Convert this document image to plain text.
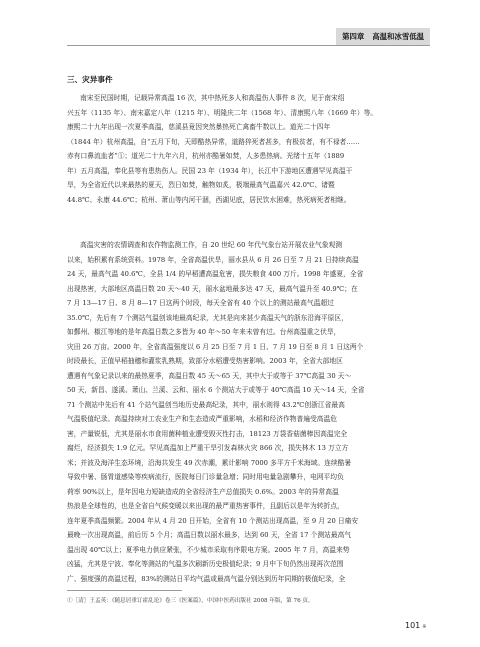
第四章 高温和冰雪低温
三、灾异事件
南宋至民国时期，记载异常高温 16 次，其中热死多人和高温伤人事件 8 次，见于南宋绍
兴五年（1135 年）、南宋嘉定八年（1215 年）、明隆庆二年（1568 年）、清康熙八年（1669 年）等。
康熙二十九年出现一次夏季高温，慈溪县竟因突然暴热死亡禽畜牛数以上。道光二十四年
（1844 年）杭州高温，自“五月下旬，天即酷热异常，道路猝死者甚多，有极贫者，有不禄者……
赤有口鼻流血者”①；道光二十九年六月，杭州亦酷暑如焚，人多患热病。光绪十五年（1889
年）五月高温，奉化县等有患热伤人。民国 23 年（1934 年），长江中下游地区遭遇罕见高温干
旱，为全省近代以来最热的夏天，烈日如焚，触物如炙，极端最高气温嘉兴 42.0℃、诸暨
44.8℃、永康 44.6℃；杭州、萧山等内河干涸，西湖见底，居民饮水困难，热死病死者相继。
高温灾害的农情调查和农作物监测工作，自 20 世纪 60 年代气象台站开展农业气象观测
以来，始积累有系统资料。1978 年，全省高温伏旱，丽水县从 6 月 26 日至 7 月 21 日持续高温
24 天，最高气温 40.6℃，全县 1/4 的早稻遭高温危害，损失粮食 400 万斤。1998 年盛夏，全省
出现热害，大部地区高温日数 20 天～40 天，丽水盆地最多达 47 天，最高气温升至 40.9℃；在
7 月 13—17 日、8 月 8—17 日这两个时段，每天全省有 40 个以上的测站最高气温超过
35.0℃，先后有 7 个测站气温创该地最高纪录，尤其是向来甚少高温天气的浙东沿海平原区，
如鄞州、椒江等地的是年高温日数之多皆为 40 年～50 年来未曾有过。台州高温重之伏旱，
灾田 26 万亩。2000 年，全省高温强度以 6 月 25 日至 7 月 1 日、7 月 19 日至 8 月 1 日这两个
时段最长，正值早稻抽穗和灌浆乳熟期，致部分水稻遭受热害影响。2003 年，全省大部地区
遭遇有气象记录以来的最热夏季，高温日数 45 天～65 天，其中大于或等于 37℃高温 30 天～
50 天，新昌、遂溪、萧山、兰溪、云和、丽水 6 个测站大于或等于 40℃高温 10 天～14 天，全省
71 个测站中先后有 41 个站气温创当地历史最高纪录，其中，丽水则得 43.2℃创浙江省最高
气温极值纪录。高温持续对工农业生产和生态造成严重影响，水稻和经济作物普遍受高温危
害，产量锐低，尤其是丽水市食用菌种植业遭受毁灭性打击，18123 万袋香菇菌棒因高温完全
腐烂，经济损失 1.9 亿元。罕见高温加上严重干旱引发森林火灾 866 次，损失林木 13 万立方
米；并波及海洋生态环境，沿海共发生 49 次赤潮，累计影响 7000 多平方千米海域。连续酷暑
导致中暑、肠胃道感染等疾病流行，医院每日门诊量急增；同时用电量急剧攀升，电网平均负
荷率 90%以上，是年因电力短缺造成的全省经济生产总值损失 0.6%。2003 年的异常高温
热浪是全球性的，也是全省自气候变暖以来出现的最严重热害事件，且副后以是年为转折点，
连年夏季高温频繁。2004 年从 4 月 20 日开始，全省有 10 个测站出现高温，至 9 月 20 日痛安
最晚一次出现高温，前后历 5 个月；高温日数以丽水最多，达到 60 天，全省 17 个测站最高气
温出现 40℃以上；夏季电力供应紧张，不少城市采取有序限电方案。2005 年 7 月，高温来势
凶猛，尤其是宁波、奉化等测站的气温多次刷新历史极值纪录；9 月中下旬仍然出现再次范围
广、强度强的高温过程，83%的测站日平均气温或最高气温分别达到历年同期的极值纪录，全
①［清］王孟英：《随息居重订霍乱论》卷三《医案篇》，中国中医药出版社 2008 年版，第 76 页。
101 ※
